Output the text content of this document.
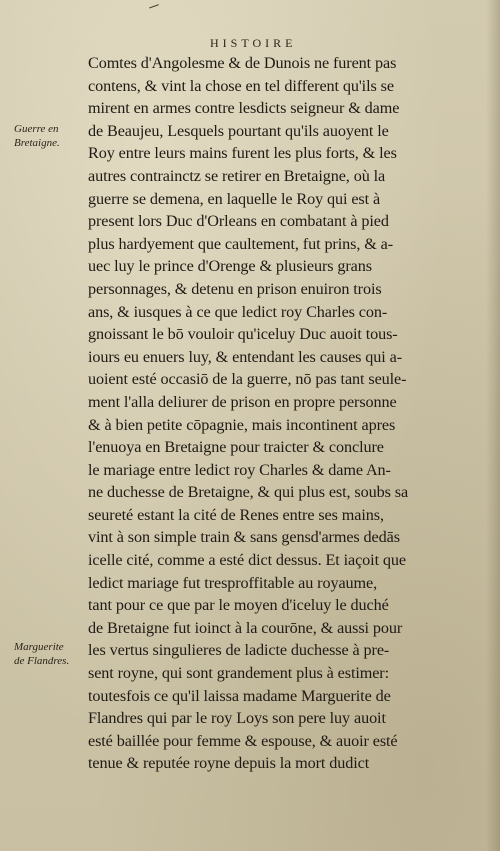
HISTOIRE
Guerre en
Bretaigne.
Marguerite
de Flandres.
Comtes d'Angolesme & de Dunois ne furent pas
contens, & vint la chose en tel different qu'ils se
mirent en armes contre lesdicts seigneur & dame
de Beaujeu, Lesquels pourtant qu'ils auoyent le
Roy entre leurs mains furent les plus forts, & les
autres contrainctz se retirer en Bretaigne, où la
guerre se demena, en laquelle le Roy qui est à
present lors Duc d'Orleans en combatant à pied
plus hardyement que caultement, fut prins, & a-
uec luy le prince d'Orenge & plusieurs grans
personnages, & detenu en prison enuiron trois
ans, & iusques à ce que ledict roy Charles con-
gnoissant le bō vouloir qu'iceluy Duc auoit tous-
iours eu enuers luy, & entendant les causes qui a-
uoient esté occasiō de la guerre, nō pas tant seule-
ment l'alla deliurer de prison en propre personne
& à bien petite cōpagnie, mais incontinent apres
l'enuoya en Bretaigne pour traicter & conclure
le mariage entre ledict roy Charles & dame An-
ne duchesse de Bretaigne, & qui plus est, soubs sa
seureté estant la cité de Renes entre ses mains,
vint à son simple train & sans gensd'armes dedās
icelle cité, comme a esté dict dessus. Et iaçoit que
ledict mariage fut tresproffitable au royaume,
tant pour ce que par le moyen d'iceluy le duché
de Bretaigne fut ioinct à la courōne, & aussi pour
les vertus singulieres de ladicte duchesse à pre-
sent royne, qui sont grandement plus à estimer:
toutesfois ce qu'il laissa madame Marguerite de
Flandres qui par le roy Loys son pere luy auoit
esté baillée pour femme & espouse, & auoir esté
tenue & reputée royne depuis la mort dudict
